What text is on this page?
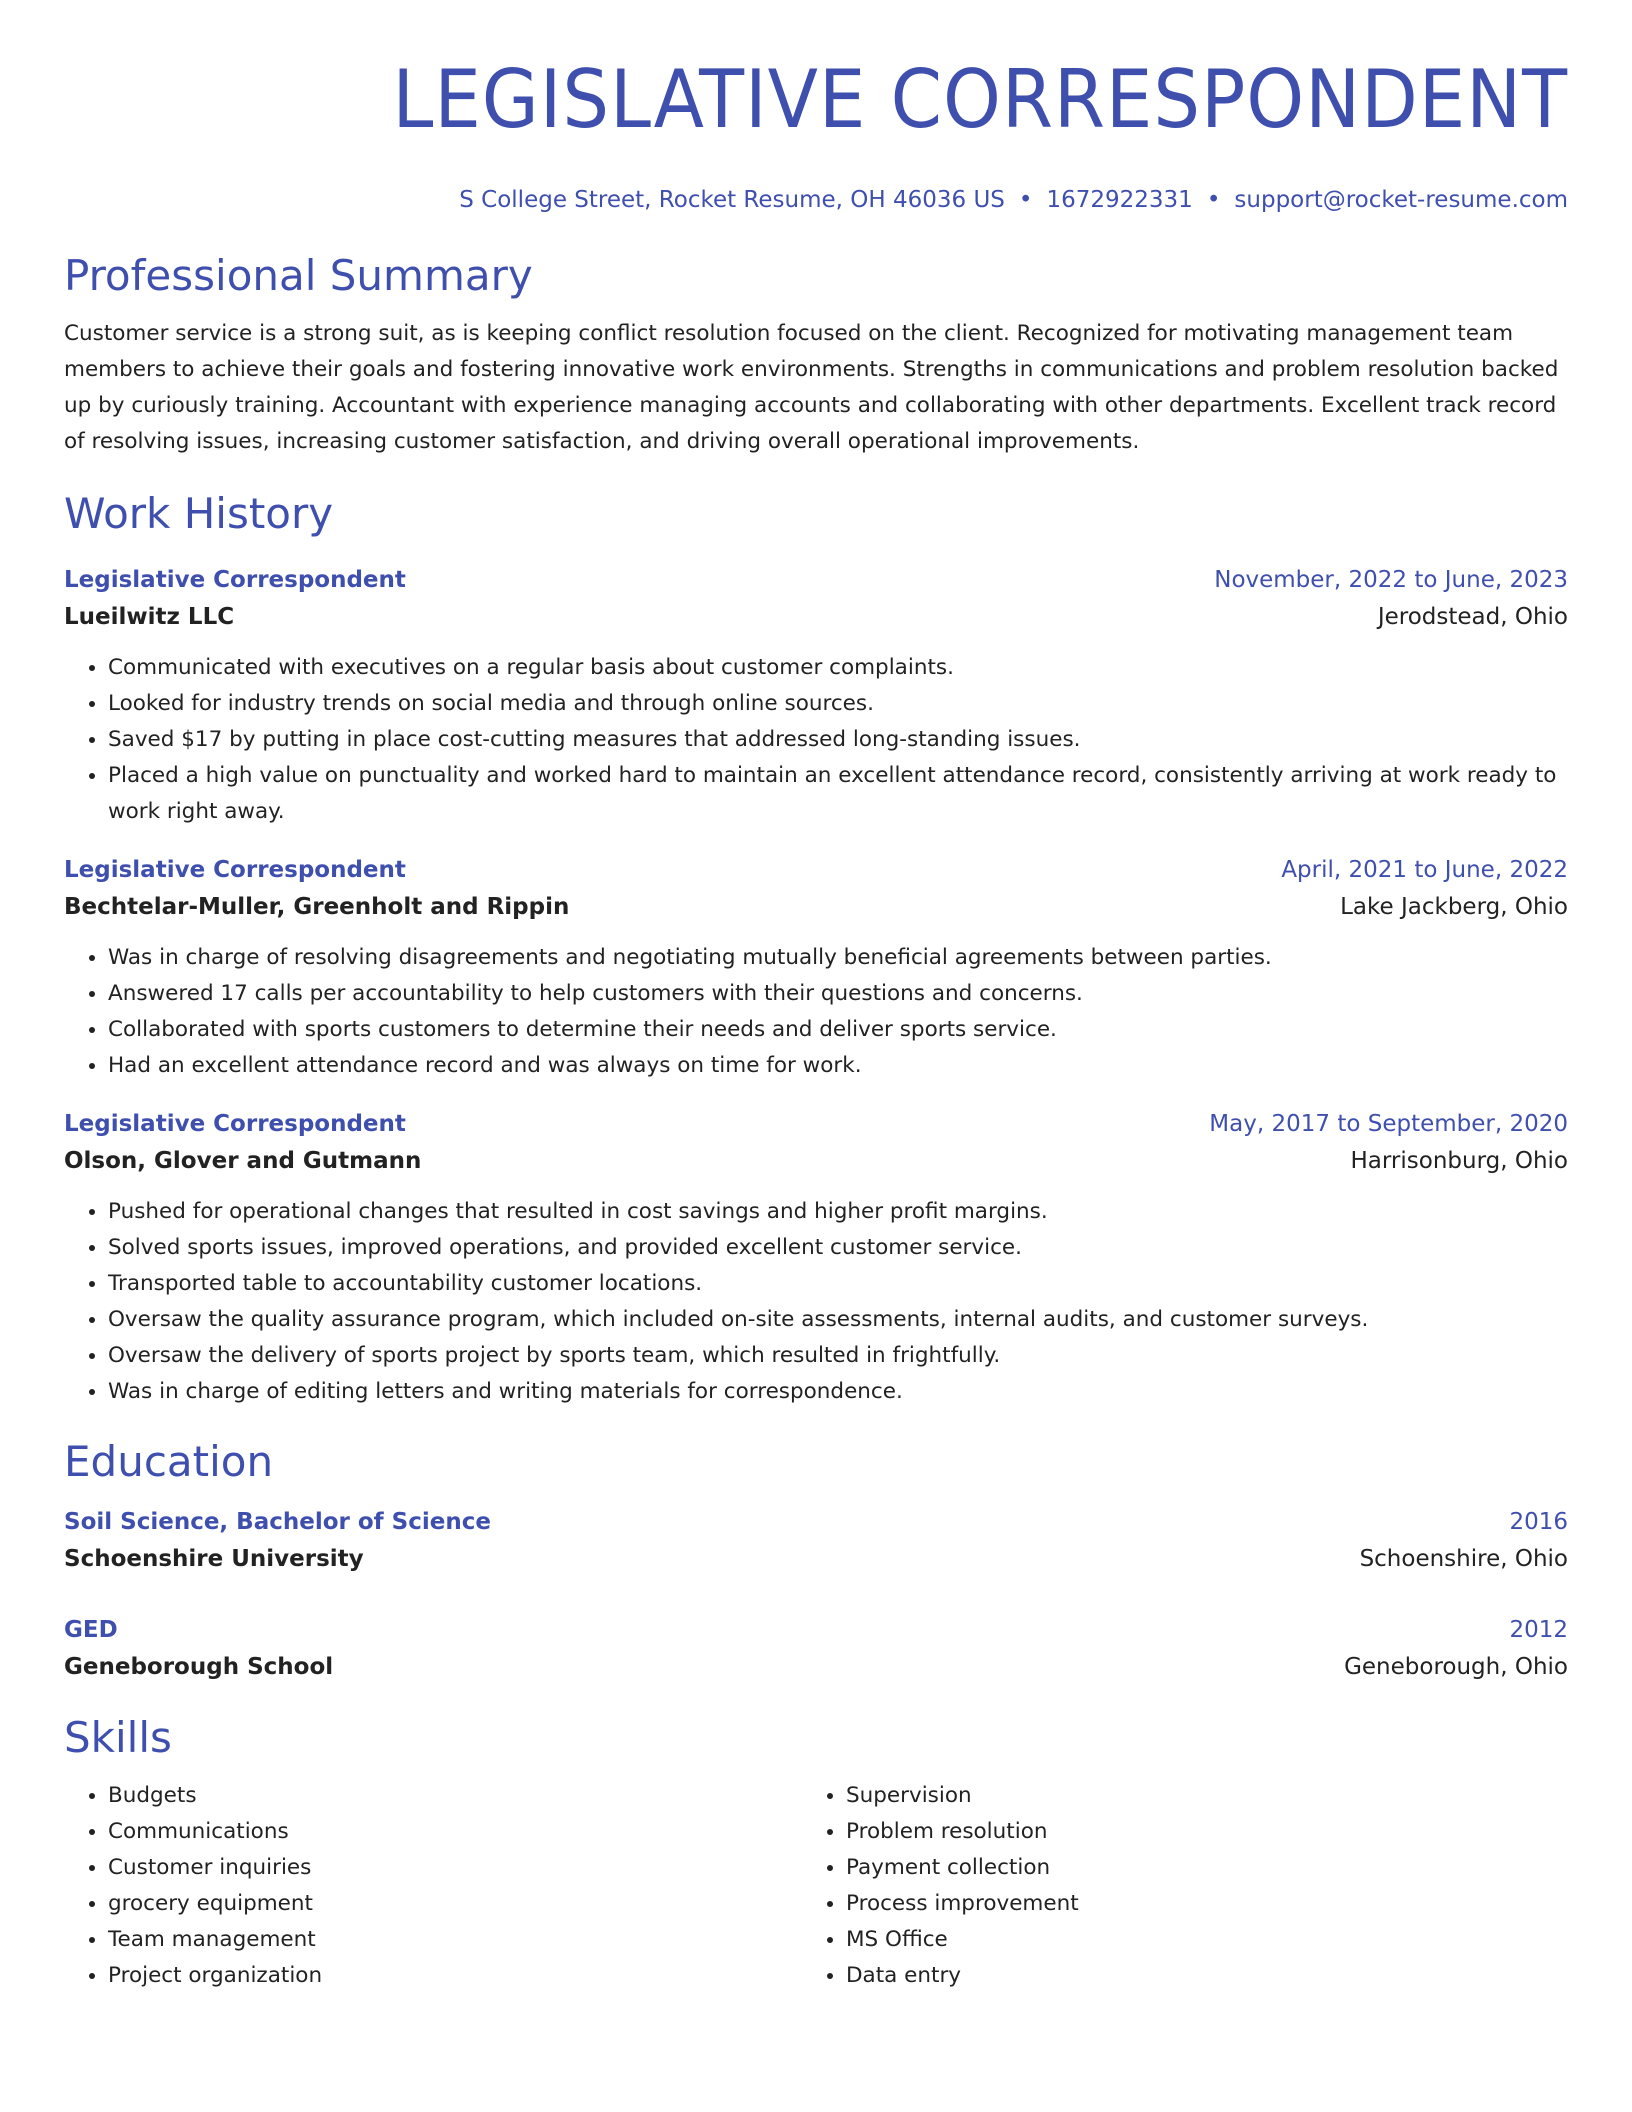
LEGISLATIVE CORRESPONDENT
S College Street, Rocket Resume, OH 46036 US • 1672922331 • support@rocket-resume.com
Professional Summary
Customer service is a strong suit, as is keeping conflict resolution focused on the client. Recognized for motivating management team members to achieve their goals and fostering innovative work environments. Strengths in communications and problem resolution backed up by curiously training. Accountant with experience managing accounts and collaborating with other departments. Excellent track record of resolving issues, increasing customer satisfaction, and driving overall operational improvements.
Work History
Legislative Correspondent	November, 2022 to June, 2023
Lueilwitz LLC	Jerodstead, Ohio
• Communicated with executives on a regular basis about customer complaints.
• Looked for industry trends on social media and through online sources.
• Saved $17 by putting in place cost-cutting measures that addressed long-standing issues.
• Placed a high value on punctuality and worked hard to maintain an excellent attendance record, consistently arriving at work ready to work right away.
Legislative Correspondent	April, 2021 to June, 2022
Bechtelar-Muller, Greenholt and Rippin	Lake Jackberg, Ohio
• Was in charge of resolving disagreements and negotiating mutually beneficial agreements between parties.
• Answered 17 calls per accountability to help customers with their questions and concerns.
• Collaborated with sports customers to determine their needs and deliver sports service.
• Had an excellent attendance record and was always on time for work.
Legislative Correspondent	May, 2017 to September, 2020
Olson, Glover and Gutmann	Harrisonburg, Ohio
• Pushed for operational changes that resulted in cost savings and higher profit margins.
• Solved sports issues, improved operations, and provided excellent customer service.
• Transported table to accountability customer locations.
• Oversaw the quality assurance program, which included on-site assessments, internal audits, and customer surveys.
• Oversaw the delivery of sports project by sports team, which resulted in frightfully.
• Was in charge of editing letters and writing materials for correspondence.
Education
Soil Science, Bachelor of Science	2016
Schoenshire University	Schoenshire, Ohio
GED	2012
Geneborough School	Geneborough, Ohio
Skills
• Budgets
• Communications
• Customer inquiries
• grocery equipment
• Team management
• Project organization
• Supervision
• Problem resolution
• Payment collection
• Process improvement
• MS Office
• Data entry
